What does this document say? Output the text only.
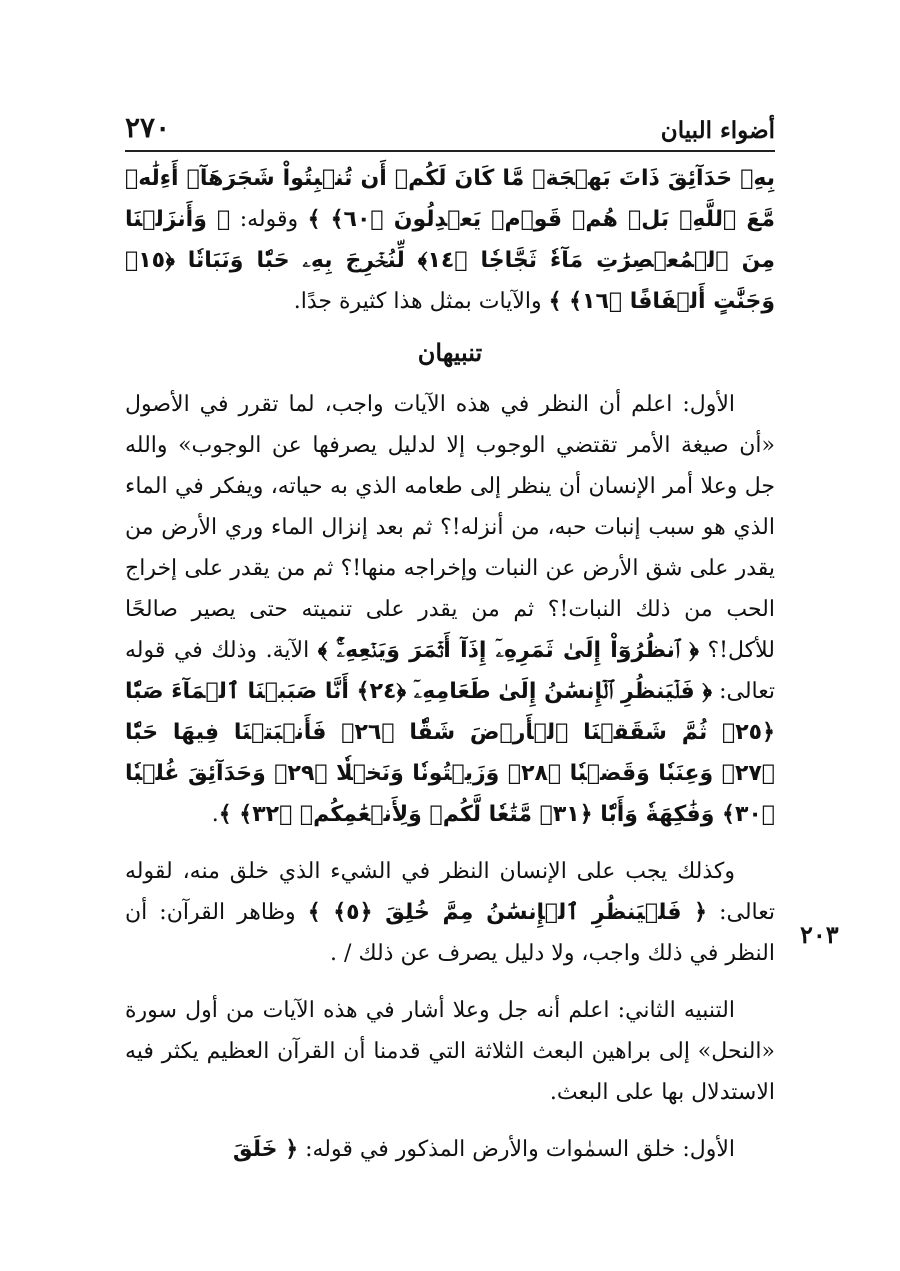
٢٧٠	أضواء البيان

بِهِۦ حَدَآئِقَ ذَاتَ بَهۡجَةٖ مَّا كَانَ لَكُمۡ أَن تُنۢبِتُواْ شَجَرَهَآۗ أَءِلَٰهٞ مَّعَ ٱللَّهِۚ بَلۡ هُمۡ قَوۡمٞ يَعۡدِلُونَ ﴿٦٠﴾ ﴾ وقوله: ﴿ وَأَنزَلۡنَا مِنَ ٱلۡمُعۡصِرَٰتِ مَآءٗ ثَجَّاجٗا ﴿١٤﴾ لِّنُخۡرِجَ بِهِۦ حَبّٗا وَنَبَاتٗا ﴿١٥﴾ وَجَنَّٰتٍ أَلۡفَافًا ﴿١٦﴾ ﴾ والآيات بمثل هذا كثيرة جدًا.

تنبيهان

الأول: اعلم أن النظر في هذه الآيات واجب، لما تقرر في الأصول «أن صيغة الأمر تقتضي الوجوب إلا لدليل يصرفها عن الوجوب» والله جل وعلا أمر الإنسان أن ينظر إلى طعامه الذي به حياته، ويفكر في الماء الذي هو سبب إنبات حبه، من أنزله!؟ ثم بعد إنزال الماء وري الأرض من يقدر على شق الأرض عن النبات وإخراجه منها!؟ ثم من يقدر على إخراج الحب من ذلك النبات!؟ ثم من يقدر على تنميته حتى يصير صالحًا للأكل!؟ ﴿ ٱنظُرُوٓاْ إِلَىٰ ثَمَرِهِۦٓ إِذَآ أَثۡمَرَ وَيَنۡعِهِۦٓۚ ﴾ الآية. وذلك في قوله تعالى: ﴿ فَلۡيَنظُرِ ٱلۡإِنسَٰنُ إِلَىٰ طَعَامِهِۦٓ ﴿٢٤﴾ أَنَّا صَبَبۡنَا ٱلۡمَآءَ صَبّٗا ﴿٢٥﴾ ثُمَّ شَقَقۡنَا ٱلۡأَرۡضَ شَقّٗا ﴿٢٦﴾ فَأَنۢبَتۡنَا فِيهَا حَبّٗا ﴿٢٧﴾ وَعِنَبٗا وَقَضۡبٗا ﴿٢٨﴾ وَزَيۡتُونٗا وَنَخۡلٗا ﴿٢٩﴾ وَحَدَآئِقَ غُلۡبٗا ﴿٣٠﴾ وَفَٰكِهَةٗ وَأَبّٗا ﴿٣١﴾ مَّتَٰعٗا لَّكُمۡ وَلِأَنۡعَٰمِكُمۡ ﴿٣٢﴾ ﴾.

وكذلك يجب على الإنسان النظر في الشيء الذي خلق منه، لقوله تعالى: ﴿ فَلۡيَنظُرِ ٱلۡإِنسَٰنُ مِمَّ خُلِقَ ﴿٥﴾ ﴾ وظاهر القرآن: أن النظر في ذلك واجب، ولا دليل يصرف عن ذلك / .

التنبيه الثاني: اعلم أنه جل وعلا أشار في هذه الآيات من أول سورة «النحل» إلى براهين البعث الثلاثة التي قدمنا أن القرآن العظيم يكثر فيه الاستدلال بها على البعث.

الأول: خلق السمٰوات والأرض المذكور في قوله: ﴿ خَلَقَ

٢٠٣
